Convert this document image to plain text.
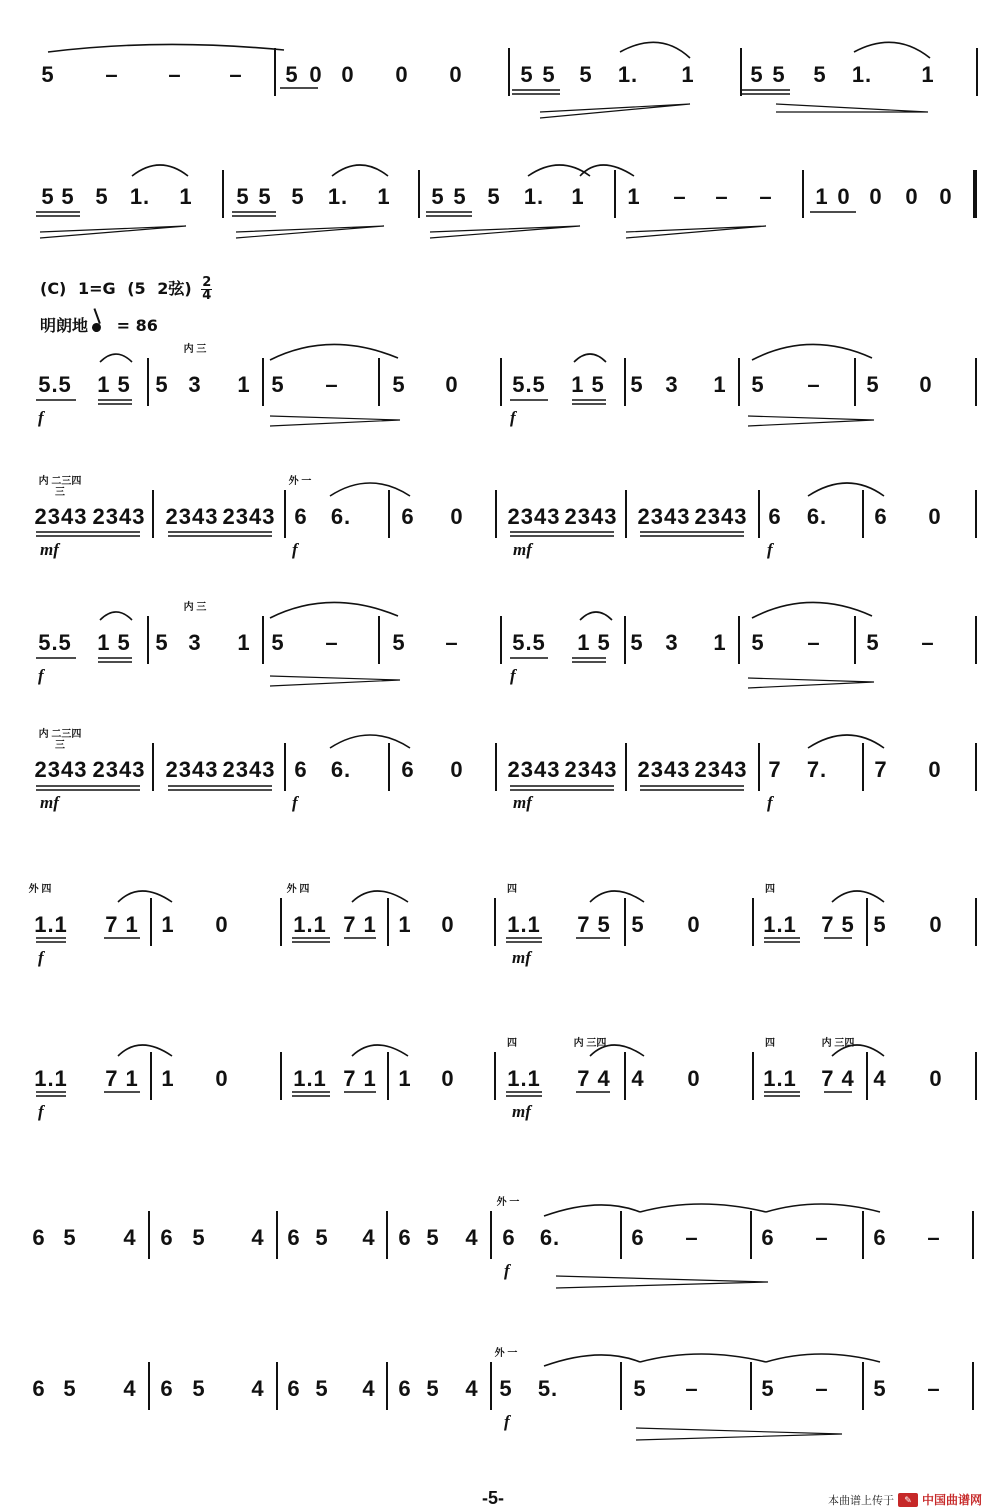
(C) 1=G (5 2弦) $\frac{2}{4}$
明朗地 = 86
5 – – – 5 0 0 0 0	5 5 5 1. 1	5 5 5 1. 1
5 5 5 1. 1 5 5 5 1. 1 5 5 5 1. 1 1 – – – 1 0 0 0 0
5.5 1 5 5 3 1 5 – 5 0 5.5 1 5 5 3 1 5 – 5 0
f	f
2343 2343 2343 2343 6 6. 6 0 2343 2343 2343 2343 6 6. 6 0
mf	f	mf	f
5.5 1 5 5 3 1 5 – 5 – 5.5 1 5 5 3 1 5 – 5 –
f	f
2343 2343 2343 2343 6 6. 6 0 2343 2343 2343 2343 7 7. 7 0
mf	f	mf	f
1.1 7 1 1 0	1.1 7 1 1 0 1.1 7 5 5 0	1.1 7 5 5 0
f	mf
1.1 7 1 1 0	1.1 7 1 1 0 1.1 7 4 4 0	1.1 7 4 4 0
f	mf
6 5 4 6 5 4 6 5 4 6 5 4 6 6.	6 –	6 – 6 –
f
6 5 4 6 5 4 6 5 4 6 5 4 5 5.	5 –	5 – 5 –
f
内 三
内 二三四三
外 一
内 三
内 二三四三
外 四	外 四	四	四
四	内 三四	四	内 三四
外 一
外 一
-5-	本曲谱上传于	✎ 中国曲谱网
